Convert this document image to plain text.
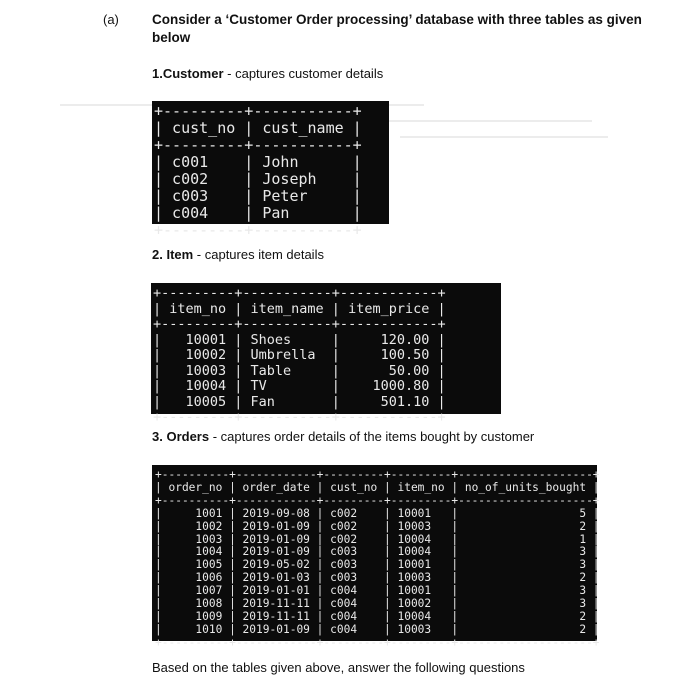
(a) Consider a ‘Customer Order processing’ database with three tables as given below
1.Customer - captures customer details
+---------+-----------+
| cust_no | cust_name |
+---------+-----------+
| c001    | John      |
| c002    | Joseph    |
| c003    | Peter     |
| c004    | Pan       |
+---------+-----------+
2. Item - captures item details
+---------+-----------+------------+
| item_no | item_name | item_price |
+---------+-----------+------------+
|   10001 | Shoes     |     120.00 |
|   10002 | Umbrella  |     100.50 |
|   10003 | Table     |      50.00 |
|   10004 | TV        |    1000.80 |
|   10005 | Fan       |     501.10 |
+---------+-----------+------------+
3. Orders - captures order details of the items bought by customer
+----------+------------+---------+---------+--------------------+
| order_no | order_date | cust_no | item_no | no_of_units_bought |
+----------+------------+---------+---------+--------------------+
|     1001 | 2019-09-08 | c002    | 10001   |                  5 |
|     1002 | 2019-01-09 | c002    | 10003   |                  2 |
|     1003 | 2019-01-09 | c002    | 10004   |                  1 |
|     1004 | 2019-01-09 | c003    | 10004   |                  3 |
|     1005 | 2019-05-02 | c003    | 10001   |                  3 |
|     1006 | 2019-01-03 | c003    | 10003   |                  2 |
|     1007 | 2019-01-01 | c004    | 10001   |                  3 |
|     1008 | 2019-11-11 | c004    | 10002   |                  3 |
|     1009 | 2019-11-11 | c004    | 10004   |                  2 |
|     1010 | 2019-01-09 | c004    | 10003   |                  2 |
+----------+------------+---------+---------+--------------------+
Based on the tables given above, answer the following questions
